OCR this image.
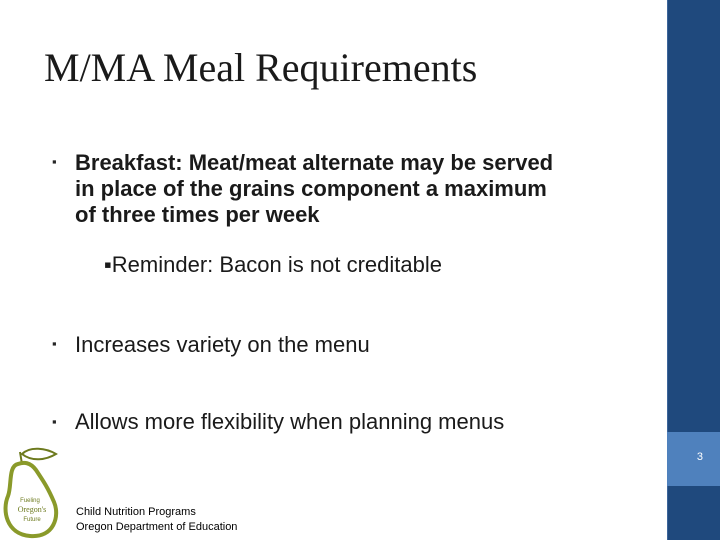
3
M/MA Meal Requirements
▪
Breakfast: Meat/meat alternate may be served
in place of the grains component a maximum
of three times per week
▪Reminder: Bacon is not creditable
▪
Increases variety on the menu
▪
Allows more flexibility when planning menus
Fueling
Oregon's
Future
Child Nutrition Programs
Oregon Department of Education
